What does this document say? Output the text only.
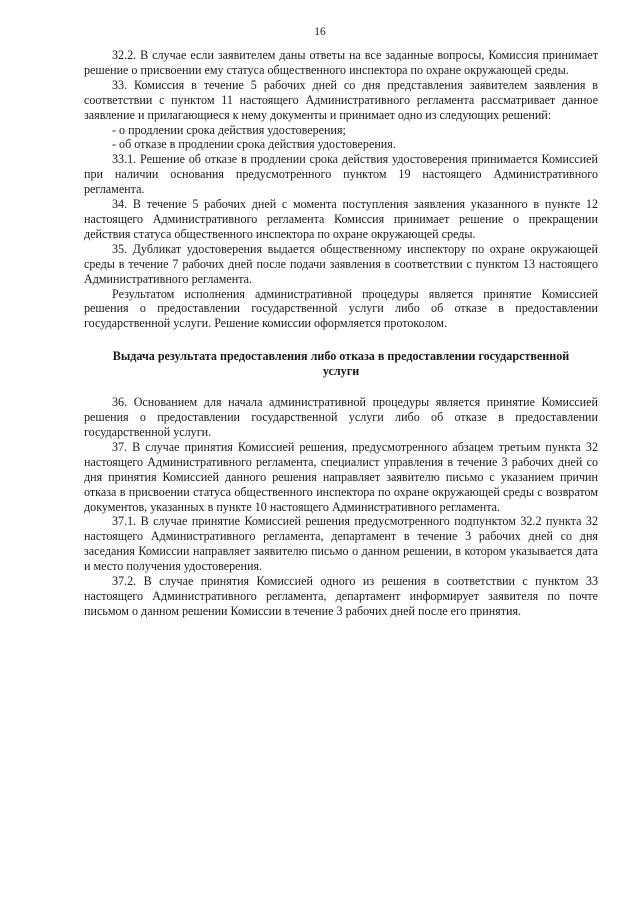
16

32.2. В случае если заявителем даны ответы на все заданные вопросы, Комиссия принимает решение о присвоении ему статуса общественного инспектора по охране окружающей среды.

33. Комиссия в течение 5 рабочих дней со дня представления заявителем заявления в соответствии с пунктом 11 настоящего Административного регламента рассматривает данное заявление и прилагающиеся к нему документы и принимает одно из следующих решений:

- о продлении срока действия удостоверения;

- об отказе в продлении срока действия удостоверения.

33.1. Решение об отказе в продлении срока действия удостоверения принимается Комиссией при наличии основания предусмотренного пунктом 19 настоящего Административного регламента.

34. В течение 5 рабочих дней с момента поступления заявления указанного в пункте 12 настоящего Административного регламента Комиссия принимает решение о прекращении действия статуса общественного инспектора по охране окружающей среды.

35. Дубликат удостоверения выдается общественному инспектору по охране окружающей среды в течение 7 рабочих дней после подачи заявления в соответствии с пунктом 13 настоящего Административного регламента.

Результатом исполнения административной процедуры является принятие Комиссией решения о предоставлении государственной услуги либо об отказе в предоставлении государственной услуги. Решение комиссии оформляется протоколом.

Выдача результата предоставления либо отказа в предоставлении государственной услуги

36. Основанием для начала административной процедуры является принятие Комиссией решения о предоставлении государственной услуги либо об отказе в предоставлении государственной услуги.

37. В случае принятия Комиссией решения, предусмотренного абзацем третьим пункта 32 настоящего Административного регламента, специалист управления в течение 3 рабочих дней со дня принятия Комиссией данного решения направляет заявителю письмо с указанием причин отказа в присвоении статуса общественного инспектора по охране окружающей среды с возвратом документов, указанных в пункте 10 настоящего Административного регламента.

37.1. В случае принятие Комиссией решения предусмотренного подпунктом 32.2 пункта 32 настоящего Административного регламента, департамент в течение 3 рабочих дней со дня заседания Комиссии направляет заявителю письмо о данном решении, в котором указывается дата и место получения удостоверения.

37.2. В случае принятия Комиссией одного из решения в соответствии с пунктом 33 настоящего Административного регламента, департамент информирует заявителя по почте письмом о данном решении Комиссии в течение 3 рабочих дней после его принятия.
